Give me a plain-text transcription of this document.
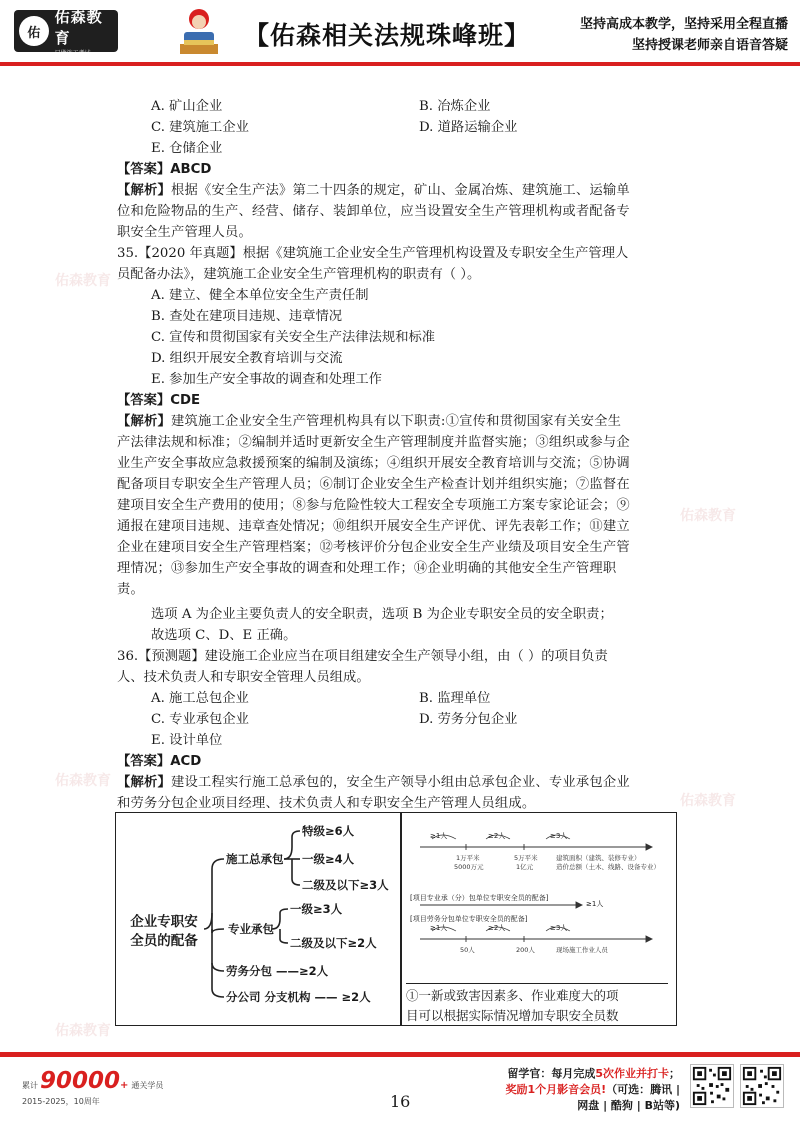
佑
佑森教育
只做施工考试
【佑森相关法规珠峰班】	坚持高成本教学，坚持采用全程直播
坚持授课老师亲自语音答疑
佑森教育
佑森教育
佑森教育
佑森教育
佑森教育
A. 矿山企业	B. 冶炼企业
C. 建筑施工企业	D. 道路运输企业
E. 仓储企业
【答案】ABCD
【解析】根据《安全生产法》第二十四条的规定，矿山、金属冶炼、建筑施工、运输单
位和危险物品的生产、经营、储存、装卸单位，应当设置安全生产管理机构或者配备专
职安全生产管理人员。
35.【2020 年真题】根据《建筑施工企业安全生产管理机构设置及专职安全生产管理人
员配备办法》，建筑施工企业安全生产管理机构的职责有（ ）。
A. 建立、健全本单位安全生产责任制
B. 查处在建项目违规、违章情况
C. 宣传和贯彻国家有关安全生产法律法规和标准
D. 组织开展安全教育培训与交流
E. 参加生产安全事故的调查和处理工作
【答案】CDE
【解析】建筑施工企业安全生产管理机构具有以下职责:①宣传和贯彻国家有关安全生
产法律法规和标准；②编制并适时更新安全生产管理制度并监督实施；③组织或参与企
业生产安全事故应急救援预案的编制及演练；④组织开展安全教育培训与交流；⑤协调
配备项目专职安全生产管理人员；⑥制订企业安全生产检查计划并组织实施；⑦监督在
建项目安全生产费用的使用；⑧参与危险性较大工程安全专项施工方案专家论证会；⑨
通报在建项目违规、违章查处情况；⑩组织开展安全生产评优、评先表彰工作；⑪建立
企业在建项目安全生产管理档案；⑫考核评价分包企业安全生产业绩及项目安全生产管
理情况；⑬参加生产安全事故的调查和处理工作；⑭企业明确的其他安全生产管理职
责。
选项 A 为企业主要负责人的安全职责，选项 B 为企业专职安全员的安全职责；
故选项 C、D、E 正确。
36.【预测题】建设施工企业应当在项目组建安全生产领导小组，由（ ）的项目负责
人、技术负责人和专职安全管理人员组成。
A. 施工总包企业	B. 监理单位
C. 专业承包企业	D. 劳务分包企业
E. 设计单位
【答案】ACD
【解析】建设工程实行施工总承包的，安全生产领导小组由总承包企业、专业承包企业
和劳务分包企业项目经理、技术负责人和专职安全生产管理人员组成。
企业专职安
全员的配备
施工总承包
特级≥6人
一级≥4人
二级及以下≥3人
专业承包
一级≥3人
二级及以下≥2人
劳务分包 ——≥2人
分公司 分支机构 —— ≥2人
≥1人	≥2人	≥3人
1万平米
5000万元
5万平米
1亿元
建筑面积（建筑、装修专业）
造价总额（土木、线路、设备专业）
[项目专业承（分）包单位专职安全员的配备]
≥1人
[项目劳务分包单位专职安全员的配备]
≥1人	≥2人	≥3人
50人	200人	现场施工作业人员
①一新或致害因素多、作业难度大的项
目可以根据实际情况增加专职安全员数
累计 90000 + 通关学员
2015-2025，10周年	16
留学官：每月完成5次作业并打卡；
奖励1个月影音会员!（可选：腾讯 |
网盘 | 酷狗 | B站等)
